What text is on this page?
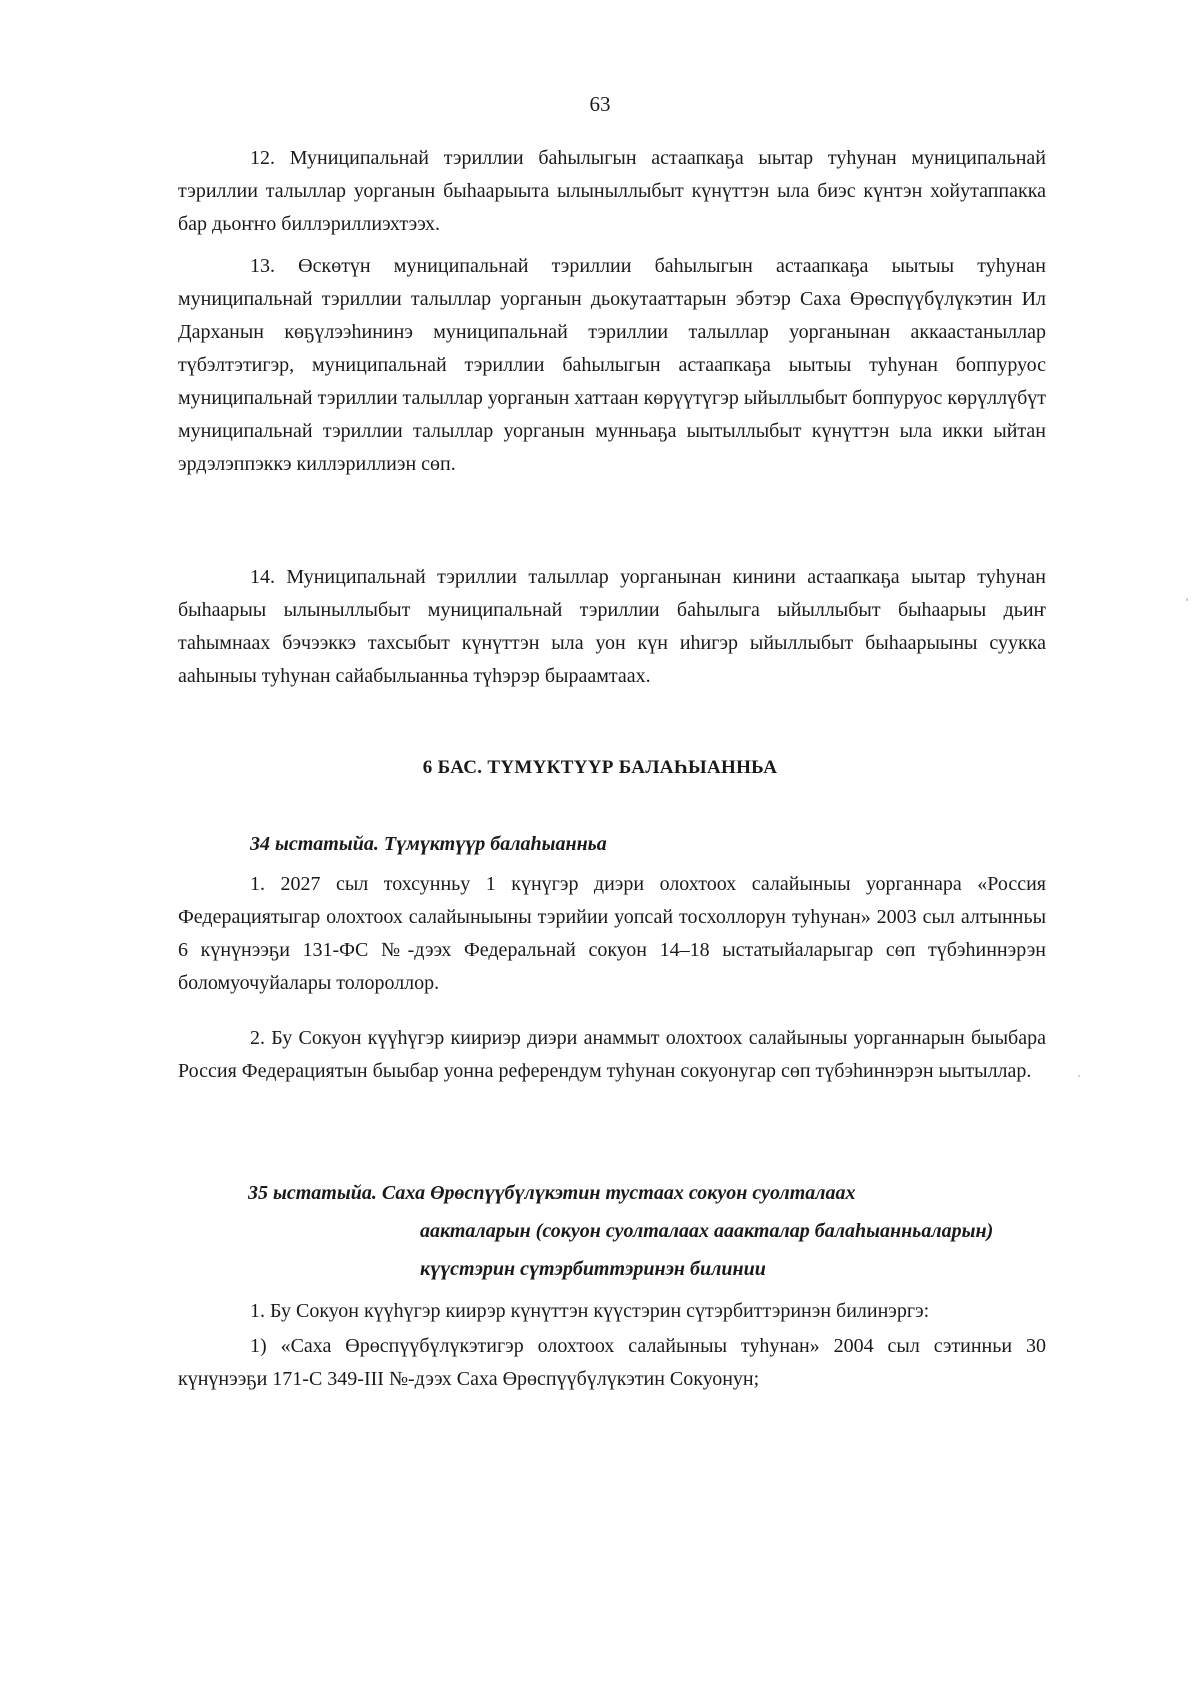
63

12. Муниципальнай тэриллии баһылыгын астаапкаҕа ыытар туһунан муниципальнай тэриллии талыллар уорганын быһаарыыта ылыныллыбыт күнүттэн ыла биэс күнтэн хойутаппакка бар дьоҥҥо биллэриллиэхтээх.

13. Өскөтүн муниципальнай тэриллии баһылыгын астаапкаҕа ыытыы туһунан муниципальнай тэриллии талыллар уорганын дьокутааттарын эбэтэр Саха Өрөспүүбүлүкэтин Ил Дарханын көҕүлээһининэ муниципальнай тэриллии талыллар уорганынан аккаастаныллар түбэлтэтигэр, муниципальнай тэриллии баһылыгын астаапкаҕа ыытыы туһунан боппуруос муниципальнай тэриллии талыллар уорганын хаттаан көрүүтүгэр ыйыллыбыт боппуруос көрүллүбүт муниципальнай тэриллии талыллар уорганын мунньаҕа ыытыллыбыт күнүттэн ыла икки ыйтан эрдэлэппэккэ киллэриллиэн сөп.

14. Муниципальнай тэриллии талыллар уорганынан кинини астаапкаҕа ыытар туһунан быһаарыы ылыныллыбыт муниципальнай тэриллии баһылыга ыйыллыбыт быһаарыы дьиҥ таһымнаах бэчээккэ тахсыбыт күнүттэн ыла уон күн иһигэр ыйыллыбыт быһаарыыны суукка ааһыныы туһунан сайабылыанньа түһэрэр быраамтаах.

6 БАС. ТҮМҮКТҮҮР БАЛАҺЫАННЬА

34 ыстатыйа. Түмүктүүр балаһыанньа

1. 2027 сыл тохсунньу 1 күнүгэр диэри олохтоох салайыныы уорганнара «Россия Федерациятыгар олохтоох салайыныыны тэрийии уопсай тосхоллорун туһунан» 2003 сыл алтынньы 6 күнүнээҕи 131-ФС №-дээх Федеральнай сокуон 14–18 ыстатыйаларыгар сөп түбэһиннэрэн боломуочуйалары толороллор.

2. Бу Сокуон күүһүгэр киириэр диэри анаммыт олохтоох салайыныы уорганнарын быыбара Россия Федерациятын быыбар уонна референдум туһунан сокуонугар сөп түбэһиннэрэн ыытыллар.

35 ыстатыйа. Саха Өрөспүүбүлүкэтин тустаах сокуон суолталаах

аакталарын (сокуон суолталаах ааакталар балаһыанньаларын)

күүстэрин сүтэрбиттэринэн билинии

1. Бу Сокуон күүһүгэр киирэр күнүттэн күүстэрин сүтэрбиттэринэн билинэргэ:

1) «Саха Өрөспүүбүлүкэтигэр олохтоох салайыныы туһунан» 2004 сыл сэтинньи 30 күнүнээҕи 171-С 349-III №-дээх Саха Өрөспүүбүлүкэтин Сокуонун;
